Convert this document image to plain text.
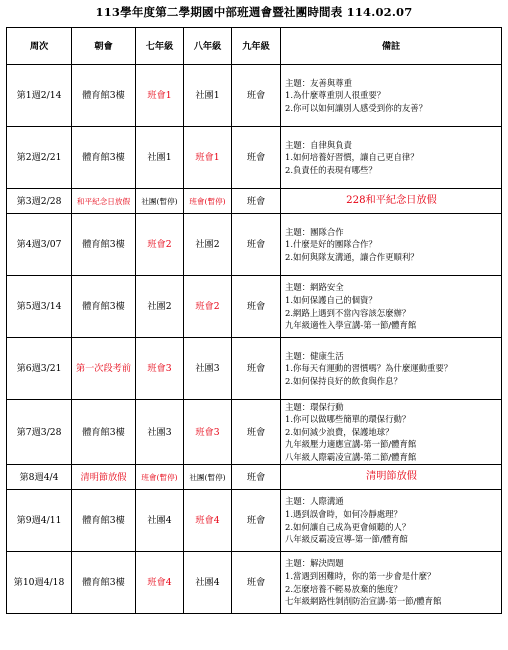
113學年度第二學期國中部班週會暨社團時間表 114.02.07
周次	朝會	七年級	八年級	九年級	備註
第1週2/14	體育館3樓	班會1	社團1	班會	主題：友善與尊重
1.為什麼尊重別人很重要？
2.你可以如何讓別人感受到你的友善？

第2週2/21	體育館3樓	社團1	班會1	班會	主題：自律與負責
1.如何培養好習慣，讓自己更自律？
2.負責任的表現有哪些？

第3週2/28	和平紀念日放假	社團(暫停)	班會(暫停)	班會	228和平紀念日放假
第4週3/07	體育館3樓	班會2	社團2	班會	主題：團隊合作
1.什麼是好的團隊合作？
2.如何與隊友溝通，讓合作更順利？

第5週3/14	體育館3樓	社團2	班會2	班會	主題：網路安全
1.如何保護自己的個資？
2.網路上遇到不當內容該怎麼辦？
九年級適性入學宣講-第一節/體育館

第6週3/21	第一次段考前	班會3	社團3	班會	主題：健康生活
1.你每天有運動的習慣嗎？為什麼運動重要？
2.如何保持良好的飲食與作息？

第7週3/28	體育館3樓	社團3	班會3	班會	主題：環保行動
1.你可以做哪些簡單的環保行動？
2.如何減少浪費，保護地球？
九年級壓力適應宣講-第一節/體育館
八年級人際霸凌宣講-第二節/體育館

第8週4/4	清明節放假	班會(暫停)	社團(暫停)	班會	清明節放假
第9週4/11	體育館3樓	社團4	班會4	班會	主題：人際溝通
1.遇到誤會時，如何冷靜處理？
2.如何讓自己成為更會傾聽的人？
八年級反霸凌宣導-第一節/體育館

第10週4/18	體育館3樓	班會4	社團4	班會	主題：解決問題
1.當遇到困難時，你的第一步會是什麼？
2.怎麼培養不輕易放棄的態度？
七年級網路性剝削防治宣講-第一節/體育館
